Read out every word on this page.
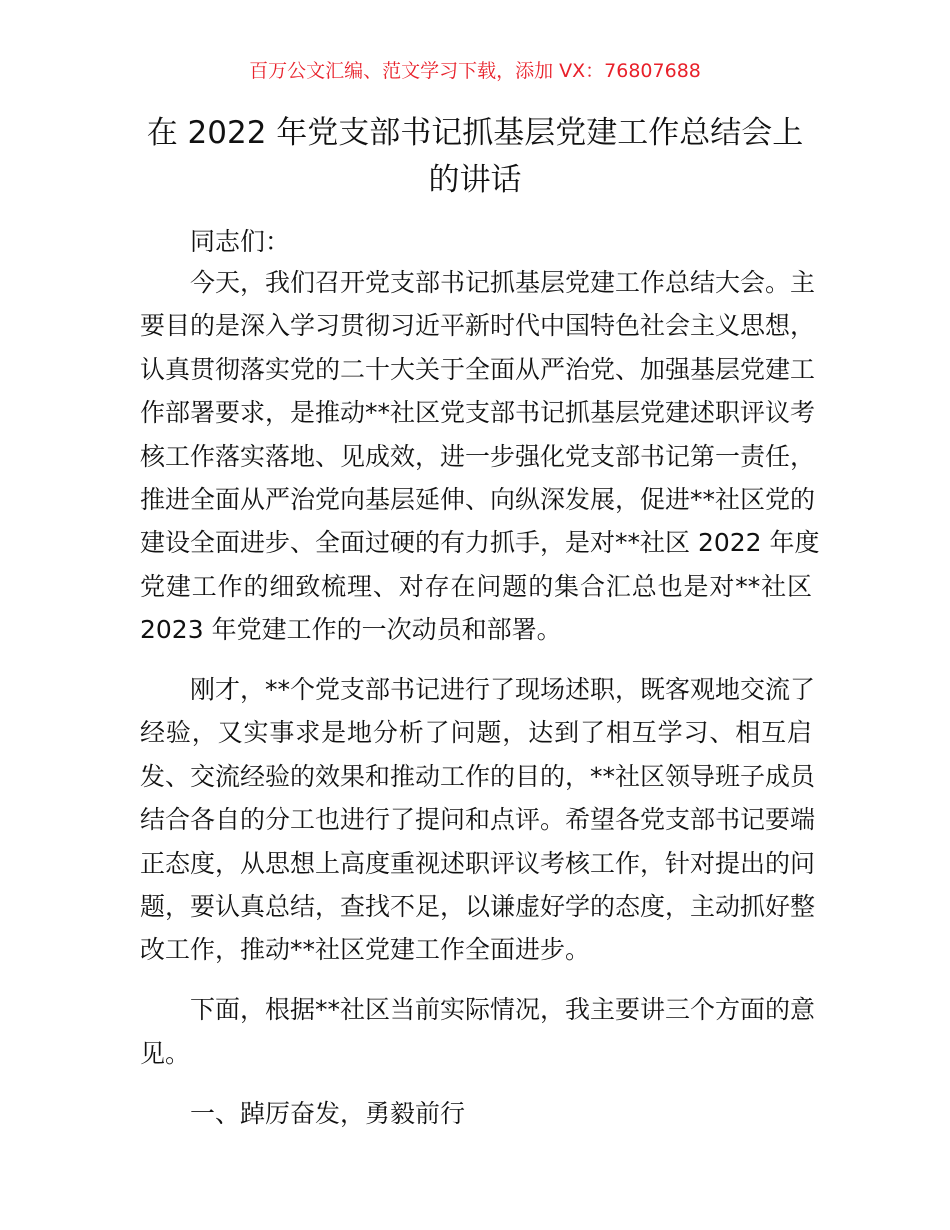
百万公文汇编、范文学习下载，添加 VX：76807688
在 2022 年党支部书记抓基层党建工作总结会上
的讲话
同志们：
今天，我们召开党支部书记抓基层党建工作总结大会。主
要目的是深入学习贯彻习近平新时代中国特色社会主义思想，
认真贯彻落实党的二十大关于全面从严治党、加强基层党建工
作部署要求，是推动**社区党支部书记抓基层党建述职评议考
核工作落实落地、见成效，进一步强化党支部书记第一责任，
推进全面从严治党向基层延伸、向纵深发展，促进**社区党的
建设全面进步、全面过硬的有力抓手，是对**社区 2022 年度
党建工作的细致梳理、对存在问题的集合汇总也是对**社区
2023 年党建工作的一次动员和部署。
刚才，**个党支部书记进行了现场述职，既客观地交流了
经验，又实事求是地分析了问题，达到了相互学习、相互启
发、交流经验的效果和推动工作的目的，**社区领导班子成员
结合各自的分工也进行了提问和点评。希望各党支部书记要端
正态度，从思想上高度重视述职评议考核工作，针对提出的问
题，要认真总结，查找不足，以谦虚好学的态度，主动抓好整
改工作，推动**社区党建工作全面进步。
下面，根据**社区当前实际情况，我主要讲三个方面的意
见。
一、踔厉奋发，勇毅前行
